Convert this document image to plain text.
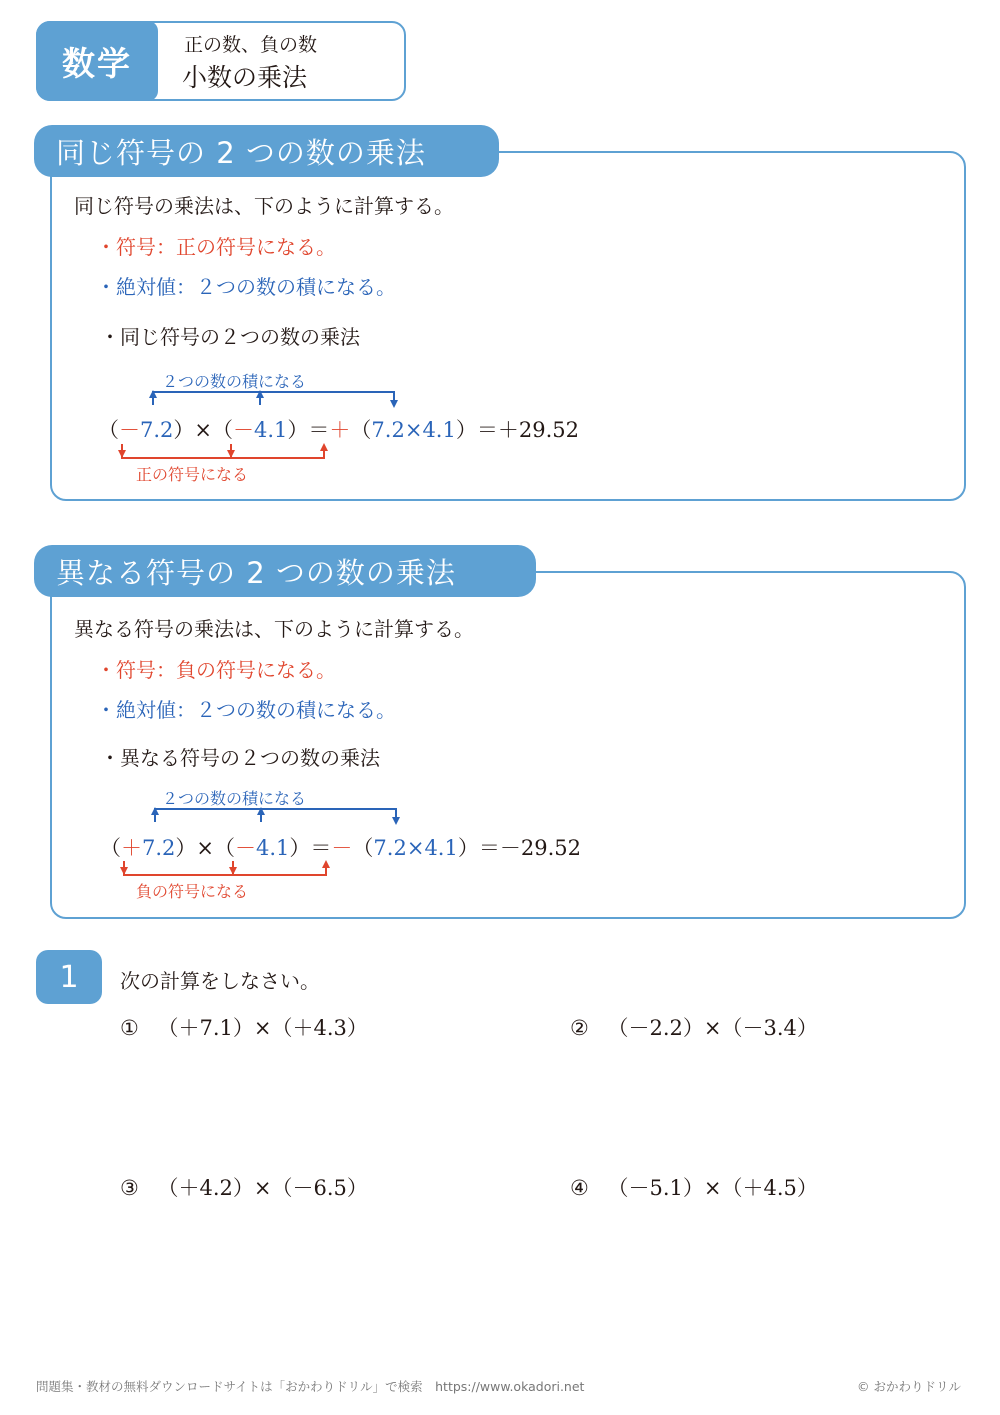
数学	正の数、負の数
小数の乗法
同じ符号の 2 つの数の乗法
同じ符号の乗法は、下のように計算する。
・符号：正の符号になる。
・絶対値：２つの数の積になる。
・同じ符号の２つの数の乗法
２つの数の積になる
（－7.2）×（－4.1）＝＋（7.2×4.1）＝＋29.52
正の符号になる
異なる符号の 2 つの数の乗法
異なる符号の乗法は、下のように計算する。
・符号：負の符号になる。
・絶対値：２つの数の積になる。
・異なる符号の２つの数の乗法
２つの数の積になる
（＋7.2）×（－4.1）＝－（7.2×4.1）＝－29.52
負の符号になる
1	次の計算をしなさい。
① （＋7.1）×（＋4.3）	② （－2.2）×（－3.4）
③ （＋4.2）×（－6.5）	④ （－5.1）×（＋4.5）
問題集・教材の無料ダウンロードサイトは「おかわりドリル」で検索　https://www.okadori.net	© おかわりドリル
